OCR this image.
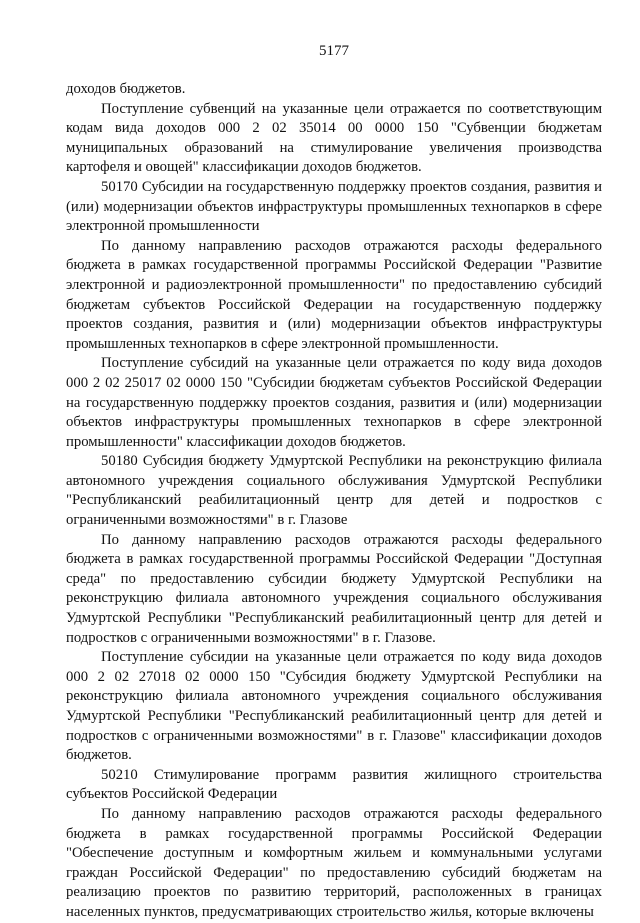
5177

доходов бюджетов.

Поступление субвенций на указанные цели отражается по соответствующим кодам вида доходов 000 2 02 35014 00 0000 150 "Субвенции бюджетам муниципальных образований на стимулирование увеличения производства картофеля и овощей" классификации доходов бюджетов.

50170 Субсидии на государственную поддержку проектов создания, развития и (или) модернизации объектов инфраструктуры промышленных технопарков в сфере электронной промышленности

По данному направлению расходов отражаются расходы федерального бюджета в рамках государственной программы Российской Федерации "Развитие электронной и радиоэлектронной промышленности" по предоставлению субсидий бюджетам субъектов Российской Федерации на государственную поддержку проектов создания, развития и (или) модернизации объектов инфраструктуры промышленных технопарков в сфере электронной промышленности.

Поступление субсидий на указанные цели отражается по коду вида доходов 000 2 02 25017 02 0000 150 "Субсидии бюджетам субъектов Российской Федерации на государственную поддержку проектов создания, развития и (или) модернизации объектов инфраструктуры промышленных технопарков в сфере электронной промышленности" классификации доходов бюджетов.

50180 Субсидия бюджету Удмуртской Республики на реконструкцию филиала автономного учреждения социального обслуживания Удмуртской Республики "Республиканский реабилитационный центр для детей и подростков с ограниченными возможностями" в г. Глазове

По данному направлению расходов отражаются расходы федерального бюджета в рамках государственной программы Российской Федерации "Доступная среда" по предоставлению субсидии бюджету Удмуртской Республики на реконструкцию филиала автономного учреждения социального обслуживания Удмуртской Республики "Республиканский реабилитационный центр для детей и подростков с ограниченными возможностями" в г. Глазове.

Поступление субсидии на указанные цели отражается по коду вида доходов 000 2 02 27018 02 0000 150 "Субсидия бюджету Удмуртской Республики на реконструкцию филиала автономного учреждения социального обслуживания Удмуртской Республики "Республиканский реабилитационный центр для детей и подростков с ограниченными возможностями" в г. Глазове" классификации доходов бюджетов.

50210 Стимулирование программ развития жилищного строительства субъектов Российской Федерации

По данному направлению расходов отражаются расходы федерального бюджета в рамках государственной программы Российской Федерации "Обеспечение доступным и комфортным жильем и коммунальными услугами граждан Российской Федерации" по предоставлению субсидий бюджетам на реализацию проектов по развитию территорий, расположенных в границах населенных пунктов, предусматривающих строительство жилья, которые включены
